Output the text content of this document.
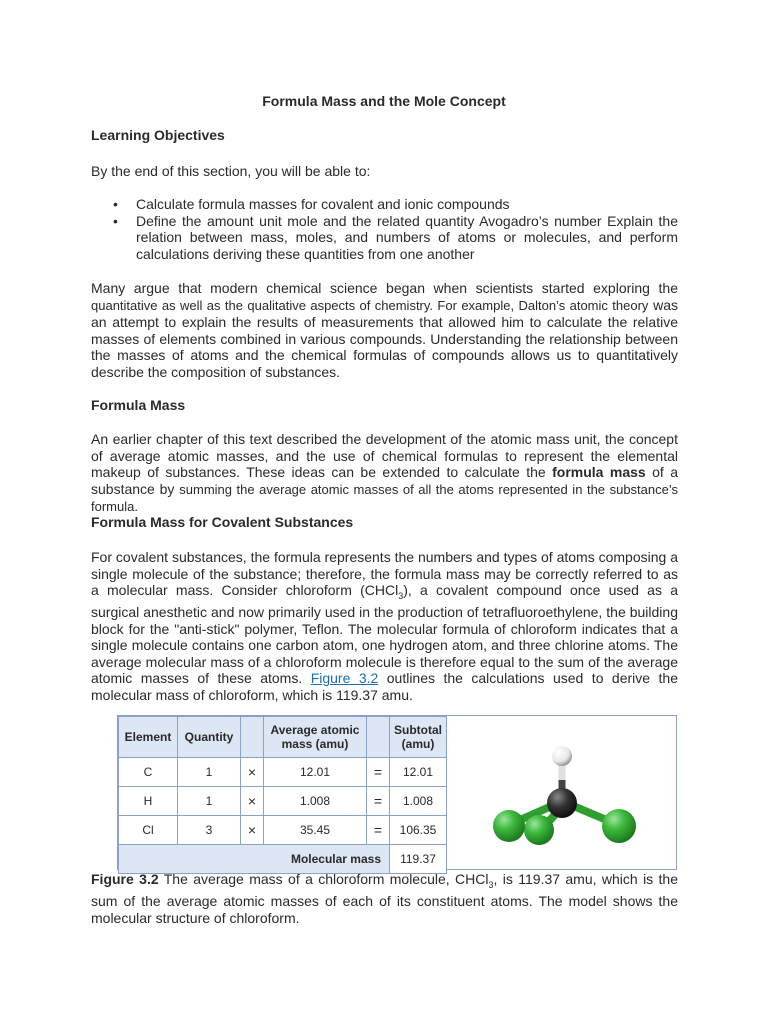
Formula Mass and the Mole Concept
Learning Objectives
By the end of this section, you will be able to:
• Calculate formula masses for covalent and ionic compounds
• Define the amount unit mole and the related quantity Avogadro’s number Explain the relation between mass, moles, and numbers of atoms or molecules, and perform calculations deriving these quantities from one another
Many argue that modern chemical science began when scientists started exploring the quantitative as well as the qualitative aspects of chemistry. For example, Dalton’s atomic theory was an attempt to explain the results of measurements that allowed him to calculate the relative masses of elements combined in various compounds. Understanding the relationship between the masses of atoms and the chemical formulas of compounds allows us to quantitatively describe the composition of substances.
Formula Mass
An earlier chapter of this text described the development of the atomic mass unit, the concept of average atomic masses, and the use of chemical formulas to represent the elemental makeup of substances. These ideas can be extended to calculate the formula mass of a substance by summing the average atomic masses of all the atoms represented in the substance’s formula.
Formula Mass for Covalent Substances
For covalent substances, the formula represents the numbers and types of atoms composing a single molecule of the substance; therefore, the formula mass may be correctly referred to as a molecular mass. Consider chloroform (CHCl$_3$), a covalent compound once used as a surgical anesthetic and now primarily used in the production of tetrafluoroethylene, the building block for the "anti-stick" polymer, Teflon. The molecular formula of chloroform indicates that a single molecule contains one carbon atom, one hydrogen atom, and three chlorine atoms. The average molecular mass of a chloroform molecule is therefore equal to the sum of the average atomic masses of these atoms. Figure 3.2 outlines the calculations used to derive the molecular mass of chloroform, which is 119.37 amu.
Element	Quantity		Average atomic mass (amu)		Subtotal (amu)
C	1	×	12.01	=	12.01
H	1	×	1.008	=	1.008
Cl	3	×	35.45	=	106.35
Molecular mass					119.37
Figure 3.2 The average mass of a chloroform molecule, CHCl$_3$, is 119.37 amu, which is the sum of the average atomic masses of each of its constituent atoms. The model shows the molecular structure of chloroform.
